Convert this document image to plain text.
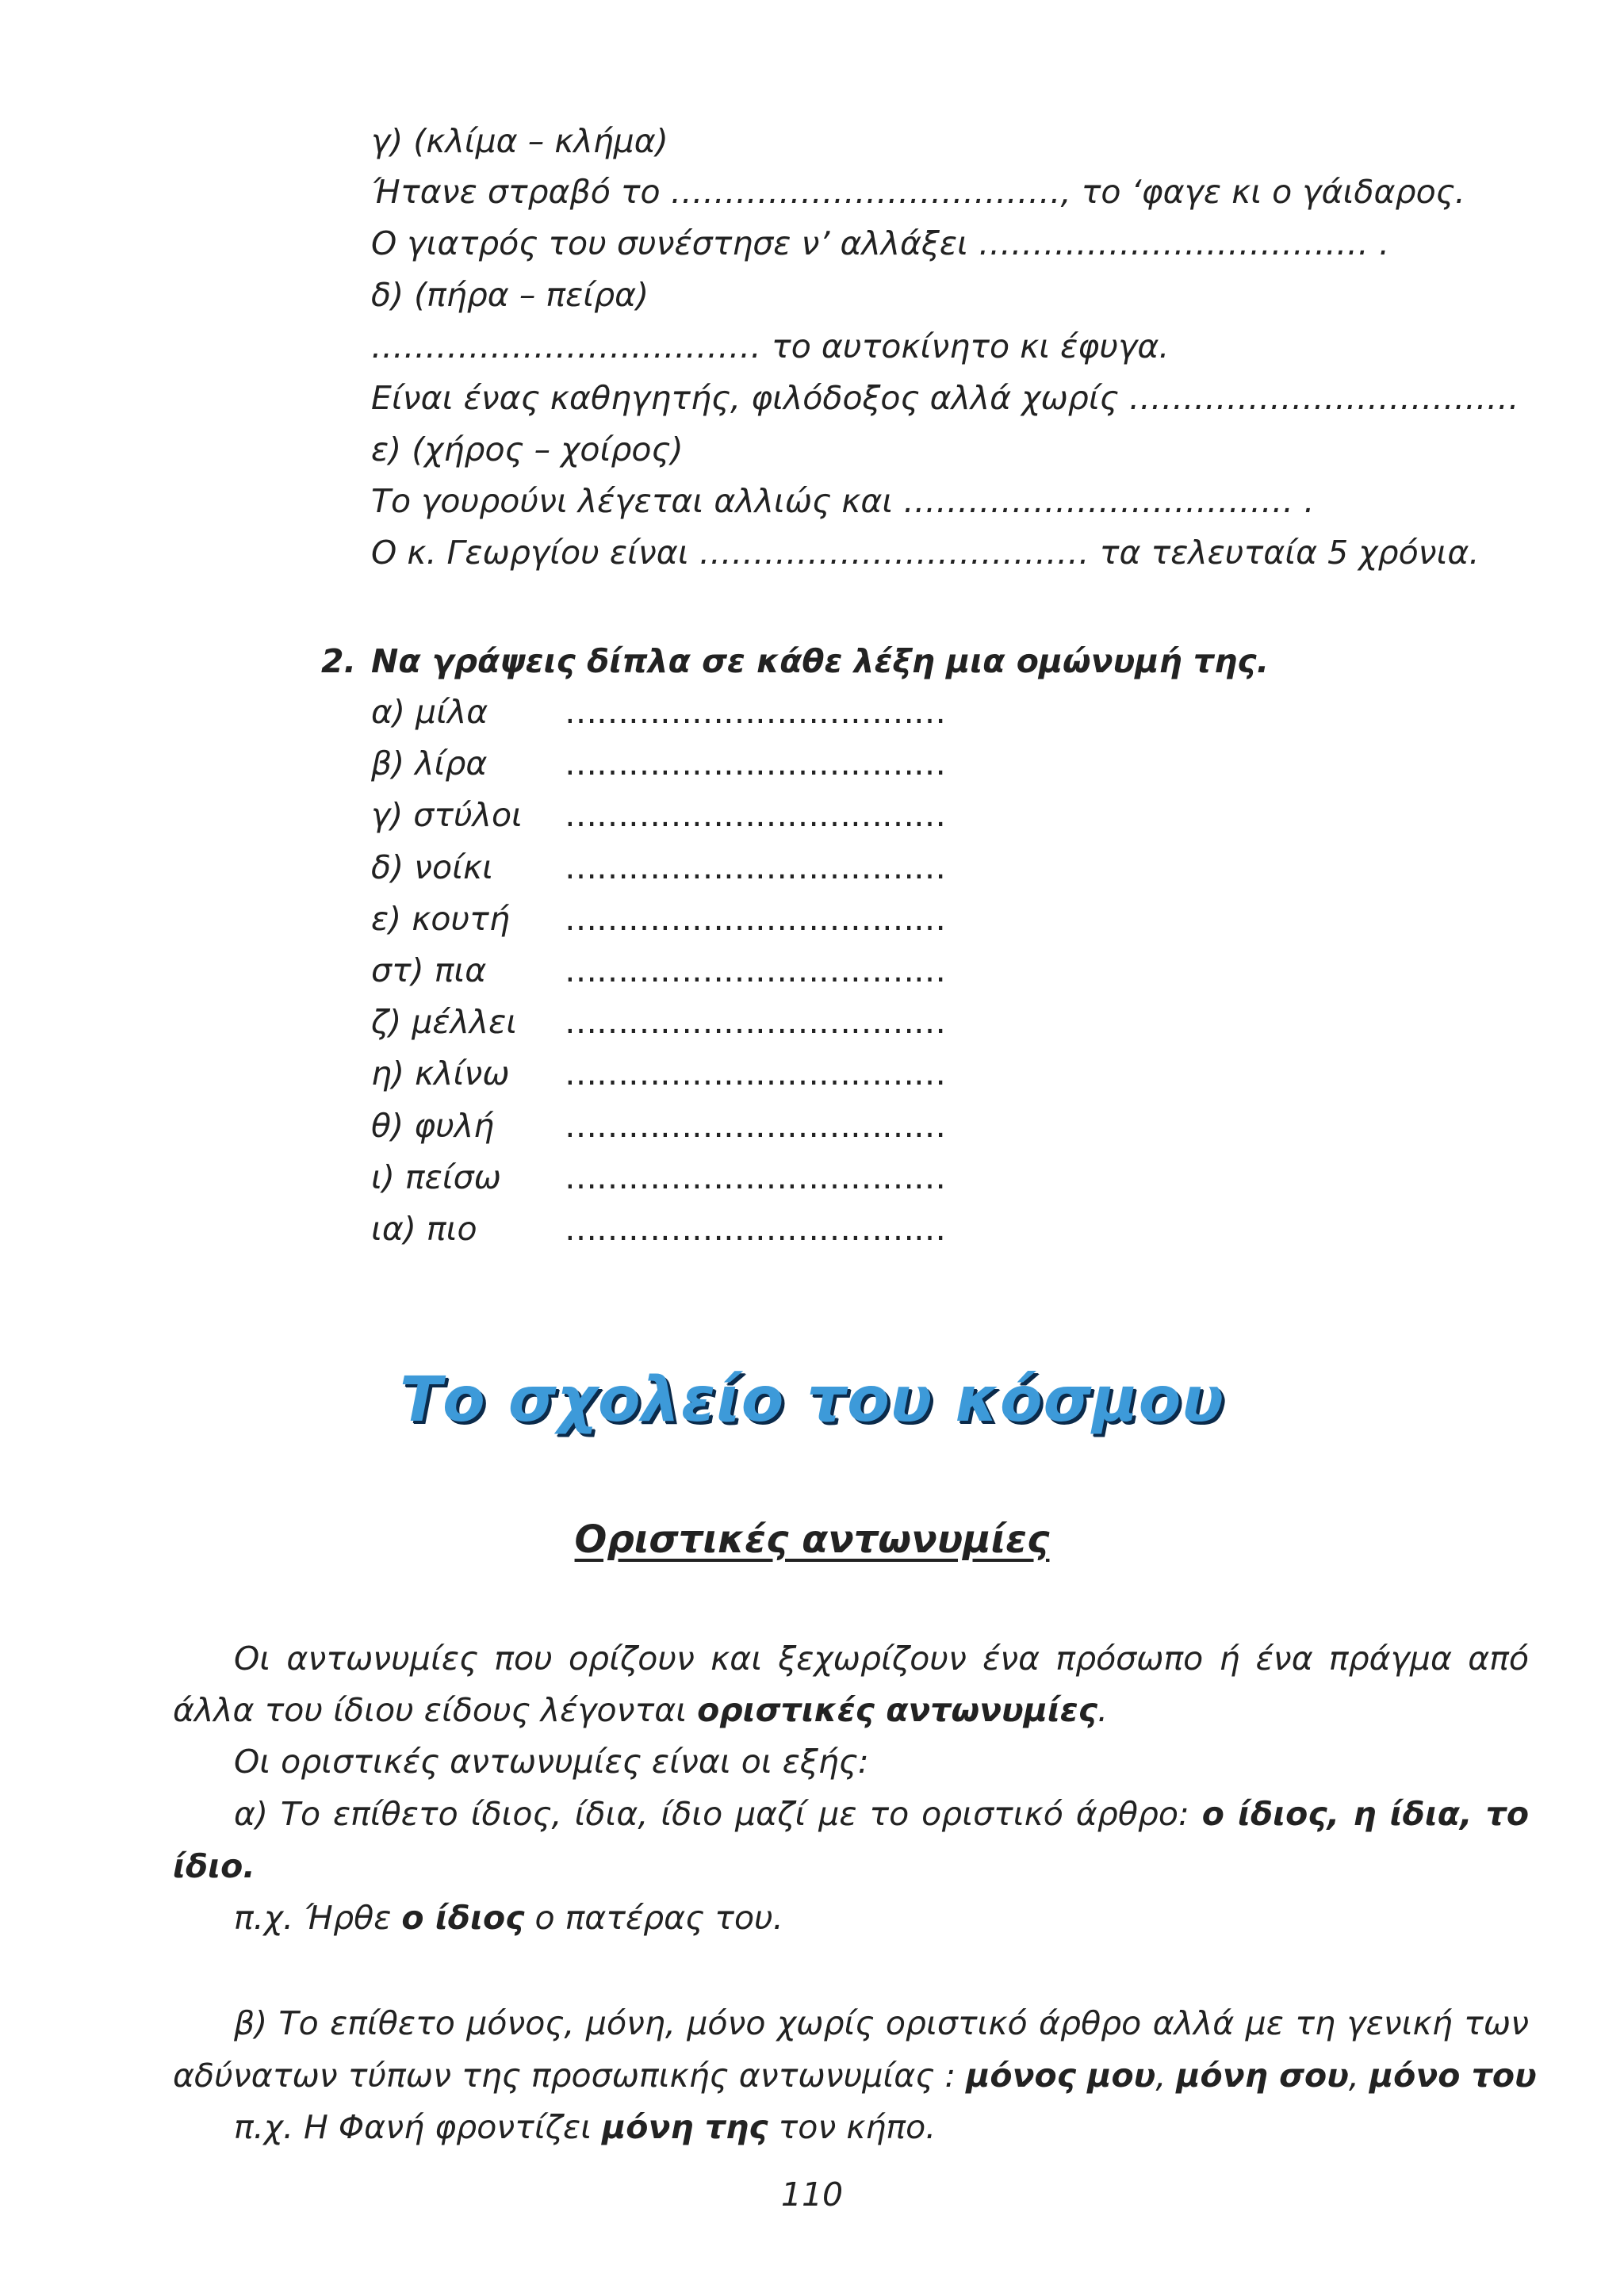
γ) (κλίμα – κλήμα)
Ήτανε στραβό το ………………………………, το ‘φαγε κι ο γάιδαρος.
Ο γιατρός του συνέστησε ν’ αλλάξει ……………………………… .
δ) (πήρα – πείρα)
……………………………… το αυτοκίνητο κι έφυγα.
Είναι ένας καθηγητής, φιλόδοξος αλλά χωρίς ………………………………
ε) (χήρος – χοίρος)
Το γουρούνι λέγεται αλλιώς και ……………………………… .
Ο κ. Γεωργίου είναι ……………………………… τα τελευταία 5 χρόνια.
2. Να γράψεις δίπλα σε κάθε λέξη μια ομώνυμή της.
α) μίλα ………………………………
β) λίρα ………………………………
γ) στύλοι ………………………………
δ) νοίκι ………………………………
ε) κουτή ………………………………
στ) πια ………………………………
ζ) μέλλει ………………………………
η) κλίνω ………………………………
θ) φυλή ………………………………
ι) πείσω ………………………………
ια) πιο	………………………………
Το σχολείο του κόσμου
Οριστικές αντωνυμίες
Οι αντωνυμίες που ορίζουν και ξεχωρίζουν ένα πρόσωπο ή ένα πράγμα από
άλλα του ίδιου είδους λέγονται οριστικές αντωνυμίες.
Οι οριστικές αντωνυμίες είναι οι εξής:
α) Το επίθετο ίδιος, ίδια, ίδιο μαζί με το οριστικό άρθρο: ο ίδιος, η ίδια, το
ίδιο.
π.χ. Ήρθε ο ίδιος ο πατέρας του.
β) Το επίθετο μόνος, μόνη, μόνο χωρίς οριστικό άρθρο αλλά με τη γενική των
αδύνατων τύπων της προσωπικής αντωνυμίας : μόνος μου, μόνη σου, μόνο του
π.χ. Η Φανή φροντίζει μόνη της τον κήπο.
110
